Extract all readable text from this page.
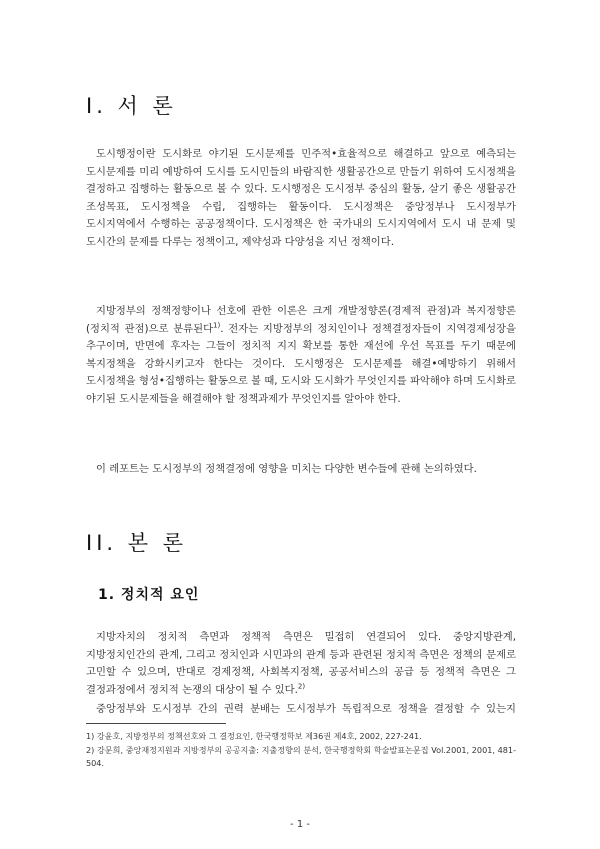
I. 서 론

도시행정이란 도시화로 야기된 도시문제를 민주적•효율적으로 해결하고 앞으로 예측되는 도시문제를 미리 예방하여 도시를 도시민들의 바람직한 생활공간으로 만들기 위하여 도시정책을 결정하고 집행하는 활동으로 볼 수 있다. 도시행정은 도시정부 중심의 활동, 살기 좋은 생활공간 조성목표, 도시정책을 수립, 집행하는 활동이다. 도시정책은 중앙정부나 도시정부가 도시지역에서 수행하는 공공정책이다. 도시정책은 한 국가내의 도시지역에서 도시 내 문제 및 도시간의 문제를 다루는 정책이고, 제약성과 다양성을 지닌 정책이다.

지방정부의 정책정향이나 선호에 관한 이론은 크게 개발정향론(경제적 관점)과 복지정향론(정치적 관점)으로 분류된다$^{1)}$. 전자는 지방정부의 정치인이나 정책결정자들이 지역경제성장을 추구이며, 반면에 후자는 그들이 정치적 지지 확보를 통한 재선에 우선 목표를 두기 때문에 복지정책을 강화시키고자 한다는 것이다. 도시행정은 도시문제를 해결•예방하기 위해서 도시정책을 형성•집행하는 활동으로 볼 때, 도시와 도시화가 무엇인지를 파악해야 하며 도시화로 야기된 도시문제들을 해결해야 할 정책과제가 무엇인지를 알아야 한다.

이 레포트는 도시정부의 정책결정에 영향을 미치는 다양한 변수들에 관해 논의하였다.

II. 본 론
1. 정치적 요인

지방자치의 정치적 측면과 정책적 측면은 밀접히 연결되어 있다. 중앙지방관계, 지방정치인간의 관계, 그리고 정치인과 시민과의 관계 등과 관련된 정치적 측면은 정책의 문제로 고민할 수 있으며, 반대로 경제정책, 사회복지정책, 공공서비스의 공급 등 정책적 측면은 그 결정과정에서 정치적 논쟁의 대상이 될 수 있다.$^{2)}$

중앙정부와 도시정부 간의 권력 분배는 도시정부가 독립적으로 정책을 결정할 수 있는지

1) 강윤호, 지방정부의 정책선호와 그 결정요인, 한국행정학보 제36권 제4호, 2002, 227-241.

2) 강문희, 중앙재정지원과 지방정부의 공공지출: 지출정향의 분석, 한국행정학회 학술발표논문집 Vol.2001, 2001, 481-504.

- 1 -
